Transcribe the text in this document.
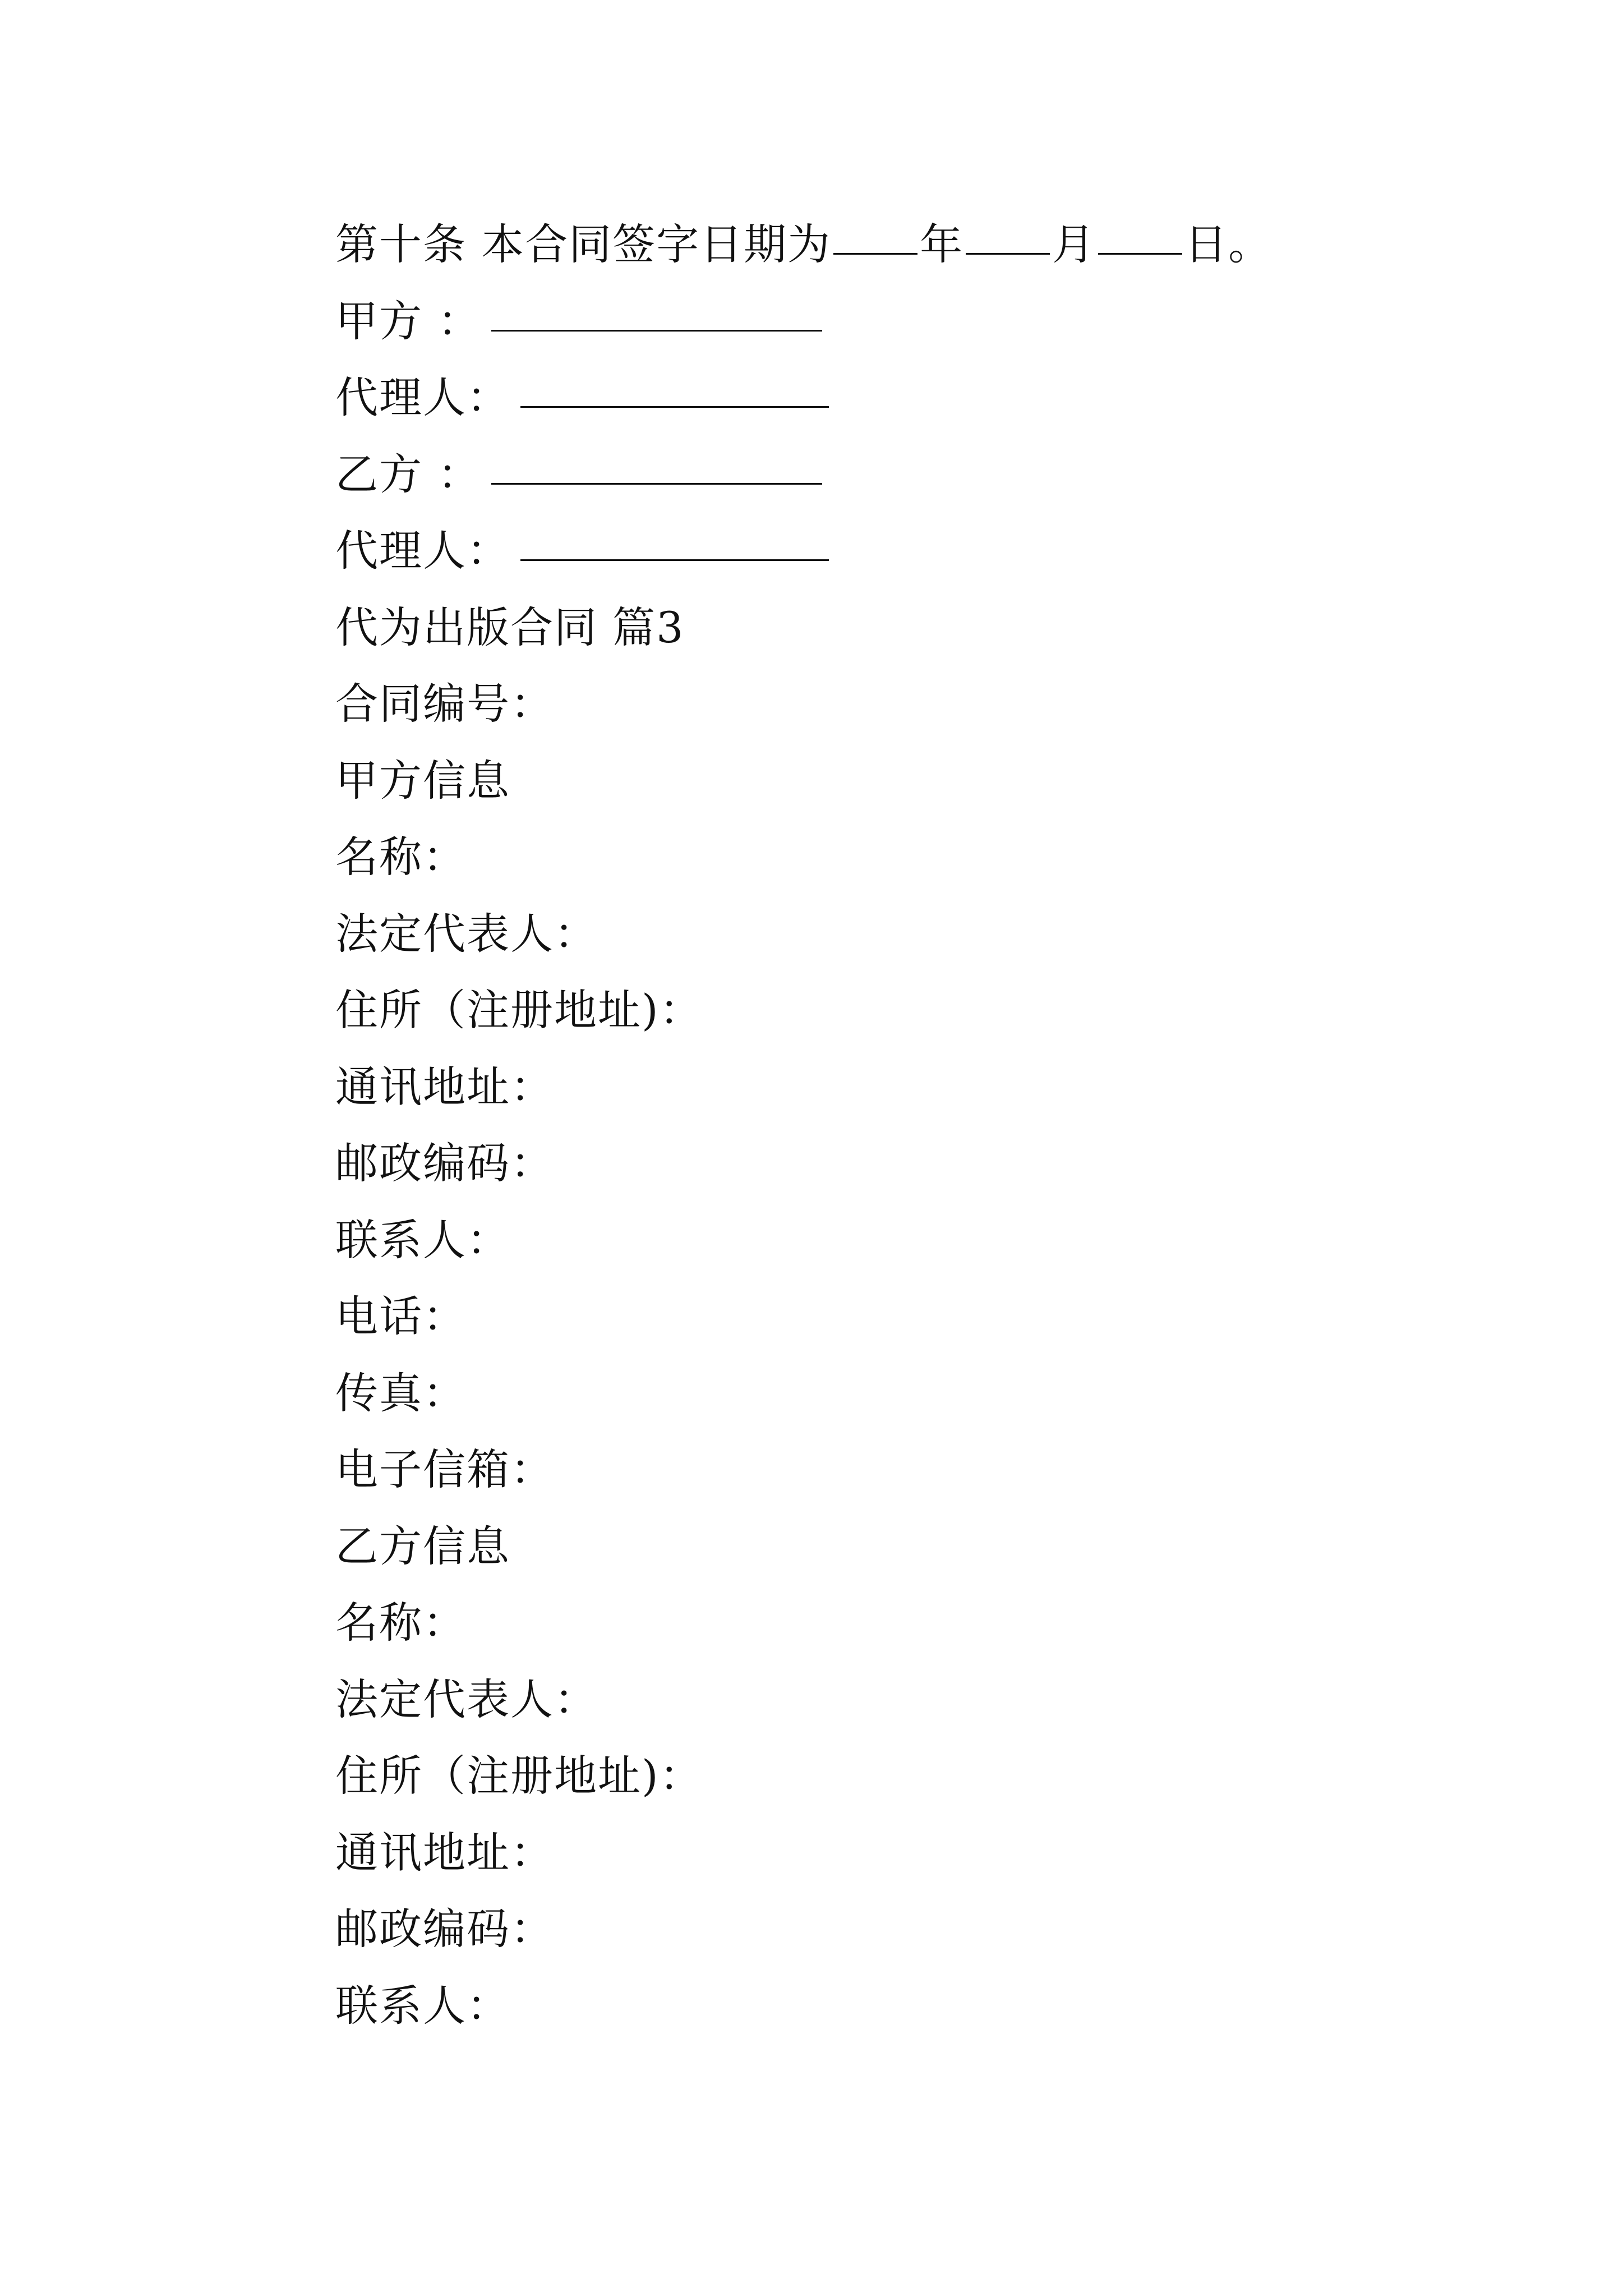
第十条 本合同签字日期为 年 月 日。
甲方 ：
代理人：
乙方 ：
代理人：
代为出版合同 篇3
合同编号：
甲方信息
名称：
法定代表人：
住所（注册地址)：
通讯地址：
邮政编码：
联系人：
电话：
传真：
电子信箱：
乙方信息
名称：
法定代表人：
住所（注册地址)：
通讯地址：
邮政编码：
联系人：
